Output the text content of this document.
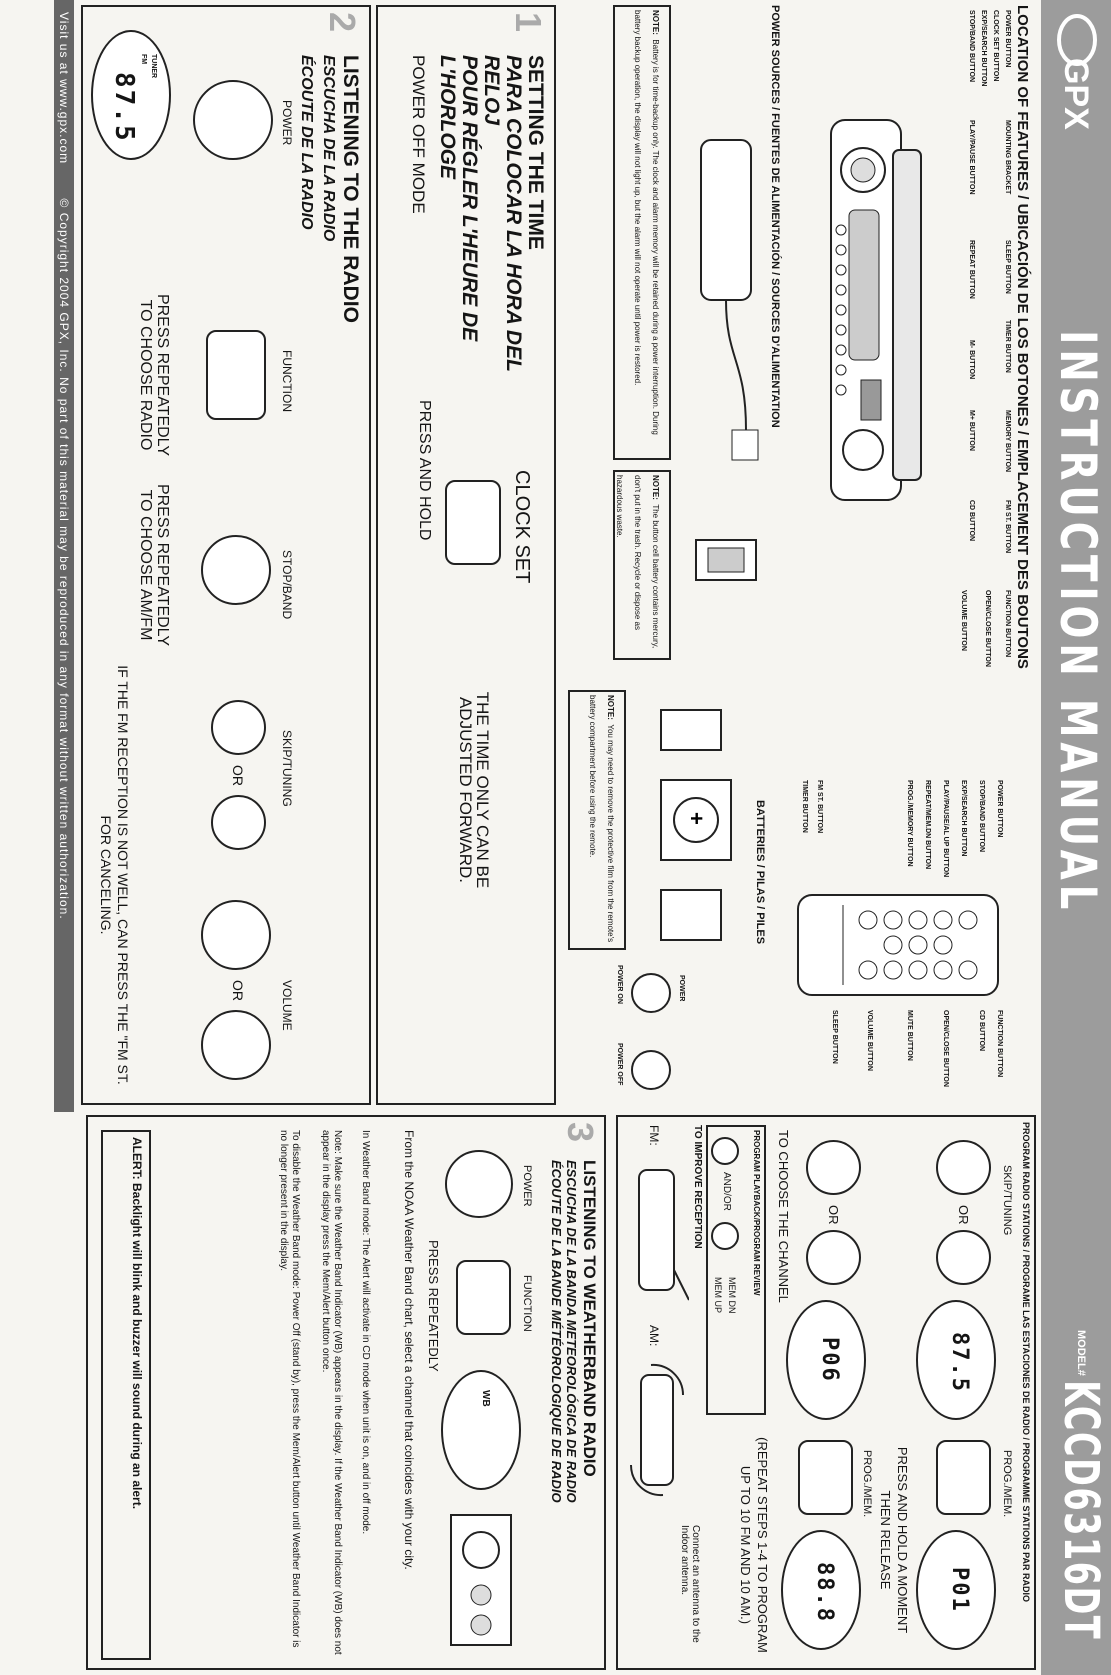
GPX
INSTRUCTION MANUAL
MODEL# KCCD6316DT
LOCATION OF FEATURES / UBICACIÓN DE LOS BOTONES / EMPLACEMENT DES BOUTONS
POWER BUTTON
CLOCK SET BUTTON
EXP/SEARCH BUTTON
STOP/BAND BUTTON
MOUNTING BRACKET
PLAY/PAUSE BUTTON
SLEEP BUTTON
TIMER BUTTON
REPEAT BUTTON
MEMORY BUTTON
M- BUTTON
M+ BUTTON
FM ST. BUTTON
FUNCTION BUTTON
CD BUTTON
OPEN/CLOSE BUTTON
VOLUME BUTTON
POWER BUTTON
STOP/BAND BUTTON
EXP/SEARCH BUTTON
PLAY/PAUSE/AL UP BUTTON
REPEAT/MEM.DN BUTTON
PROG./MEMORY BUTTON
FM ST. BUTTON
TIMER BUTTON
FUNCTION BUTTON
CD BUTTON
OPEN/CLOSE BUTTON
MUTE BUTTON
VOLUME BUTTON
SLEEP BUTTON
POWER SOURCES / FUENTES DE ALIMENTACIÓN / SOURCES D'ALIMENTATION
NOTE: Battery is for time-backup only. The clock and alarm memory will be retained during a power interruption. During battery backup operation, the display will not light up, but the alarm will not operate until power is restored.
NOTE: The button cell battery contains mercury, don't put in the trash. Recycle or dispose as hazardous waste.
BATTERIES / PILAS / PILES
+
NOTE: You may need to remove the protective film from the remote's battery compartment before using the remote.
POWER
POWER ON
POWER OFF
1
SETTING THE TIME
PARA COLOCAR LA HORA DEL RELOJ
POUR RÉGLER L'HEURE DE L'HORLOGE
POWER OFF MODE
CLOCK SET
PRESS AND HOLD
THE TIME ONLY CAN BE ADJUSTED FORWARD.
2
LISTENING TO THE RADIO
ESCUCHA DE LA RADIO
ÉCOUTE DE LA RADIO
POWER
FUNCTION
STOP/BAND
SKIP/TUNING
OR
VOLUME
OR
PRESS REPEATEDLY TO CHOOSE RADIO
PRESS REPEATEDLY TO CHOOSE AM/FM
TUNER
FM
87.5
IF THE FM RECEPTION IS NOT WELL, CAN PRESS THE "FM ST. FOR CANCELING.
PROGRAM RADIO STATIONS / PROGRAME LAS ESTACIONES DE RADIO / PROGRAMME STATIONS PAR RADIO
SKIP/TUNING
OR
87.5
PROG./MEM.
P01
PRESS AND HOLD A MOMENT THEN RELEASE
PROG./MEM.
88.8
(REPEAT STEPS 1-4 TO PROGRAM UP TO 10 FM AND 10 AM.)
OR
P06
TO CHOOSE THE CHANNEL
PROGRAM PLAYBACK/PROGRAM REVIEW
AND/OR
MEM DN
MEM UP
TO IMPROVE RECEPTION
FM:
AM:
Connect an antenna to the Indoor antenna.
3
LISTENING TO WEATHERBAND RADIO
ESCUCHA DE LA BANDA METEOROLÓGICA DE RADIO
ÉCOUTE DE LA BANDE MÉTÉOROLOGIQUE DE RADIO
POWER
FUNCTION
PRESS REPEATEDLY
WB
From the NOAA Weather Band chart, select a channel that coincides with your city.
In Weather Band mode: The Alert will activate in CD mode when unit is on, and in off mode.
Note: Make sure the Weather Band Indicator (WB) appears in the display. If the Weather Band Indicator (WB) does not appear in the display press the Mem/Alert button once.
To disable the Weather Band mode: Power Off (stand by), press the Mem/Alert button until Weather Band Indicator is no longer present in the display.
ALERT: Backlight will blink and buzzer will sound during an alert.
Visit us at www.gpx.com © Copyright 2004 GPX, Inc. No part of this material may be reproduced in any format without written authorization.
